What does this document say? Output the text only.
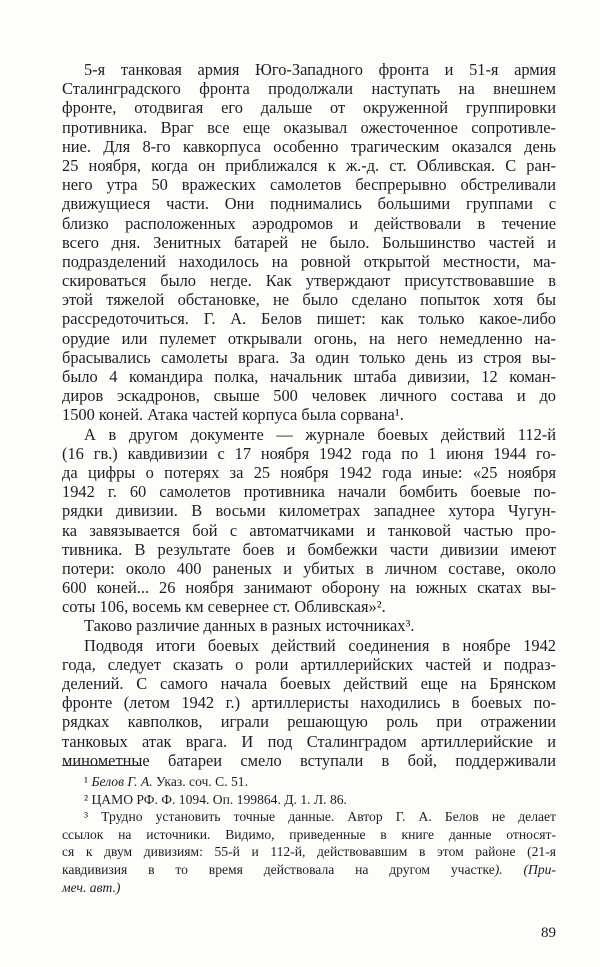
5-я танковая армия Юго-Западного фронта и 51-я армия
Сталинградского фронта продолжали наступать на внешнем
фронте, отодвигая его дальше от окруженной группировки
противника. Враг все еще оказывал ожесточенное сопротивле-
ние. Для 8-го кавкорпуса особенно трагическим оказался день
25 ноября, когда он приближался к ж.-д. ст. Обливская. С ран-
него утра 50 вражеских самолетов беспрерывно обстреливали
движущиеся части. Они поднимались большими группами с
близко расположенных аэродромов и действовали в течение
всего дня. Зенитных батарей не было. Большинство частей и
подразделений находилось на ровной открытой местности, ма-
скироваться было негде. Как утверждают присутствовавшие в
этой тяжелой обстановке, не было сделано попыток хотя бы
рассредоточиться. Г. А. Белов пишет: как только какое-либо
орудие или пулемет открывали огонь, на него немедленно на-
брасывались самолеты врага. За один только день из строя вы-
было 4 командира полка, начальник штаба дивизии, 12 коман-
диров эскадронов, свыше 500 человек личного состава и до
1500 коней. Атака частей корпуса была сорвана¹.
А в другом документе — журнале боевых действий 112-й
(16 гв.) кавдивизии с 17 ноября 1942 года по 1 июня 1944 го-
да цифры о потерях за 25 ноября 1942 года иные: «25 ноября
1942 г. 60 самолетов противника начали бомбить боевые по-
рядки дивизии. В восьми километрах западнее хутора Чугун-
ка завязывается бой с автоматчиками и танковой частью про-
тивника. В результате боев и бомбежки части дивизии имеют
потери: около 400 раненых и убитых в личном составе, около
600 коней... 26 ноября занимают оборону на южных скатах вы-
соты 106, восемь км севернее ст. Обливская»².
Таково различие данных в разных источниках³.
Подводя итоги боевых действий соединения в ноябре 1942
года, следует сказать о роли артиллерийских частей и подраз-
делений. С самого начала боевых действий еще на Брянском
фронте (летом 1942 г.) артиллеристы находились в боевых по-
рядках кавполков, играли решающую роль при отражении
танковых атак врага. И под Сталинградом артиллерийские и
минометные батареи смело вступали в бой, поддерживали
¹ Белов Г. А. Указ. соч. С. 51.
² ЦАМО РФ. Ф. 1094. Оп. 199864. Д. 1. Л. 86.
³ Трудно установить точные данные. Автор Г. А. Белов не делает
ссылок на источники. Видимо, приведенные в книге данные относят-
ся к двум дивизиям: 55-й и 112-й, действовавшим в этом районе (21-я
кавдивизия в то время действовала на другом участке). (При-
меч. авт.)
89
